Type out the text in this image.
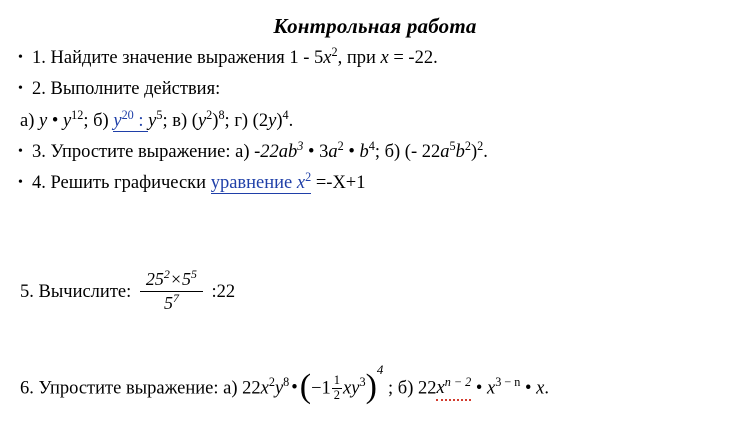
Контрольная работа
•1. Найдите значение выражения $1 - 5x^2$, при x = -22.
•2. Выполните действия:
а) y • $y^{12}$; б) $y^{20}$ : $y^5$; в) $(y^2)^8$; г) $(2y)^4$.
•3. Упростите выражение: а) $-22ab^3$ • $3a^2$ • $b^4$; б) (- $22a^5b^2)^2$.
•4. Решить графически уравнение $x^2 =-X+1$
5. Вычислите: $\frac{25^2\times 5^5}{5^7}$ :22
6. Упростите выражение: а) $22x^2y^8$ •(−1 $\frac{1}{2} xy^3)4$ ; б) $22x^{n - 2}$ • $x^{3 - n}$ • x.
